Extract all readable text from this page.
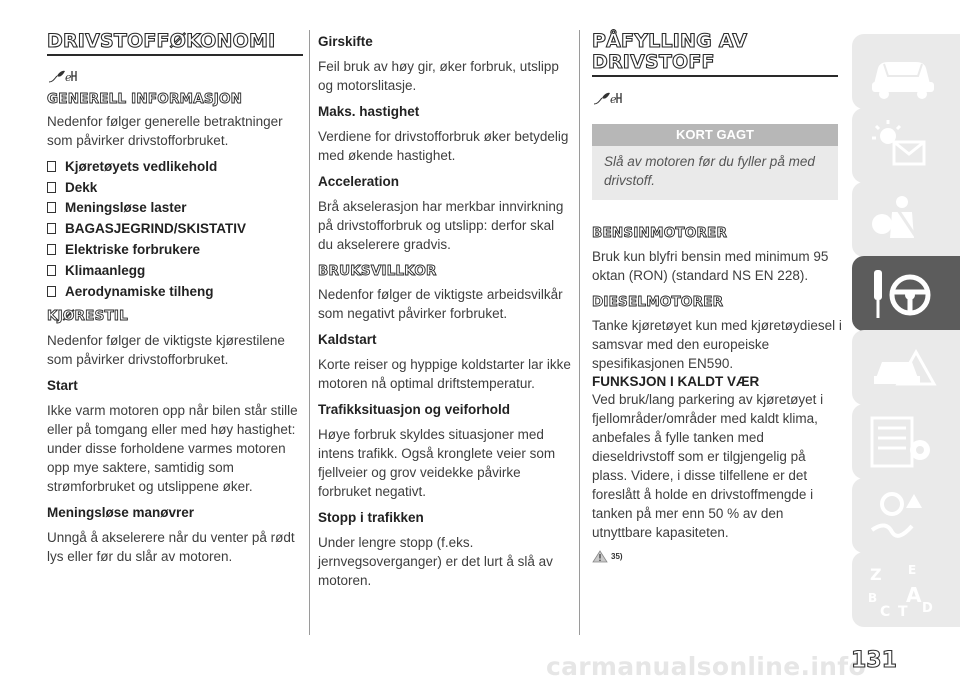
DRIVSTOFFØKONOMI
e
GENERELL INFORMASJON

Nedenfor følger generelle betraktninger som påvirker drivstofforbruket.

Kjøretøyets vedlikehold
Dekk
Meningsløse laster
BAGASJEGRIND/SKISTATIV
Elektriske forbrukere
Klimaanlegg
Aerodynamiske tilheng
KJØRESTIL

Nedenfor følger de viktigste kjørestilene som påvirker drivstofforbruket.

Start

Ikke varm motoren opp når bilen står stille eller på tomgang eller med høy hastighet: under disse forholdene varmes motoren opp mye saktere, samtidig som strømforbruket og utslippene øker.

Meningsløse manøvrer

Unngå å akselerere når du venter på rødt lys eller før du slår av motoren.

Girskifte

Feil bruk av høy gir, øker forbruk, utslipp og motorslitasje.

Maks. hastighet

Verdiene for drivstofforbruk øker betydelig med økende hastighet.

Acceleration

Brå akselerasjon har merkbar innvirkning på drivstofforbruk og utslipp: derfor skal du akselerere gradvis.

BRUKSVILLKOR

Nedenfor følger de viktigste arbeidsvilkår som negativt påvirker forbruket.

Kaldstart

Korte reiser og hyppige koldstarter lar ikke motoren nå optimal driftstemperatur.

Trafikksituasjon og veiforhold

Høye forbruk skyldes situasjoner med intens trafikk. Også kronglete veier som fjellveier og grov veidekke påvirke forbruket negativt.

Stopp i trafikken

Under lengre stopp (f.eks. jernvegsoverganger) er det lurt å slå av motoren.

PÅFYLLING AV DRIVSTOFF
e
KORT GAGT
Slå av motoren før du fyller på med drivstoff.
BENSINMOTORER

Bruk kun blyfri bensin med minimum 95 oktan (RON) (standard NS EN 228).

DIESELMOTORER

Tanke kjøretøyet kun med kjøretøydiesel i samsvar med den europeiske spesifikasjonen EN590.

FUNKSJON I KALDT VÆR

Ved bruk/lang parkering av kjøretøyet i fjellområder/områder med kaldt klima, anbefales å fylle tanken med dieseldrivstoff som er tilgjengelig på plass. Videre, i disse tilfellene er det foreslått å holde en drivstoffmengde i tanken på mer enn 50 % av den utnyttbare kapasiteten.

35)
Z E
B A
C T D
carmanualsonline.info
131
